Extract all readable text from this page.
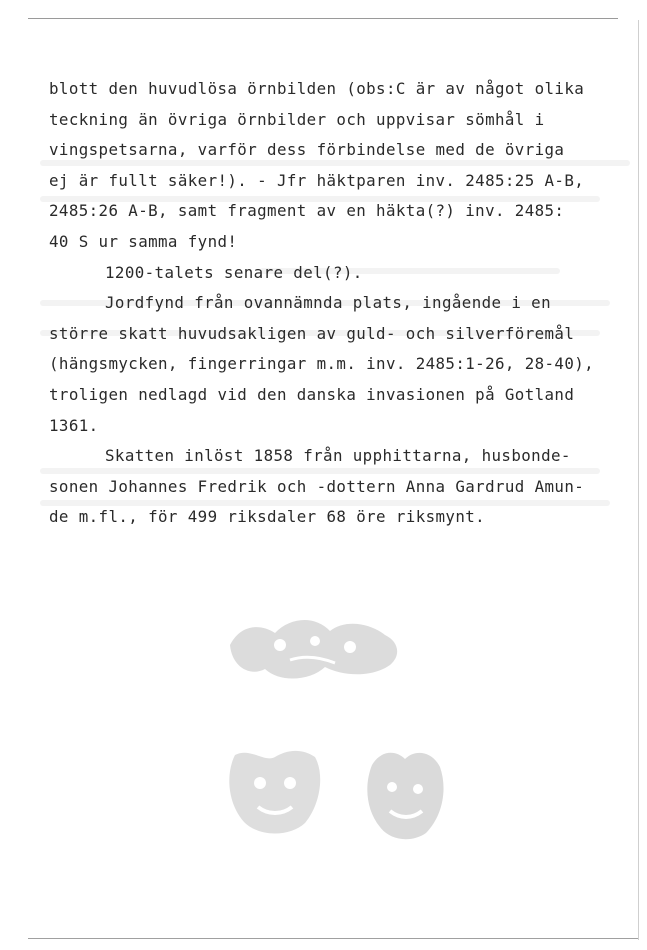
blott den huvudlösa örnbilden (obs:C är av något olika
teckning än övriga örnbilder och uppvisar sömhål i
vingspetsarna, varför dess förbindelse med de övriga
ej är fullt säker!). - Jfr häktparen inv. 2485:25 A-B,
2485:26 A-B, samt fragment av en häkta(?) inv. 2485:
40 S ur samma fynd!
1200-talets senare del(?).
Jordfynd från ovannämnda plats, ingående i en
större skatt huvudsakligen av guld- och silverföremål
(hängsmycken, fingerringar m.m. inv. 2485:1-26, 28-40),
troligen nedlagd vid den danska invasionen på Gotland
1361.
Skatten inlöst 1858 från upphittarna, husbonde-
sonen Johannes Fredrik och -dottern Anna Gardrud Amun-
de m.fl., för 499 riksdaler 68 öre riksmynt.
